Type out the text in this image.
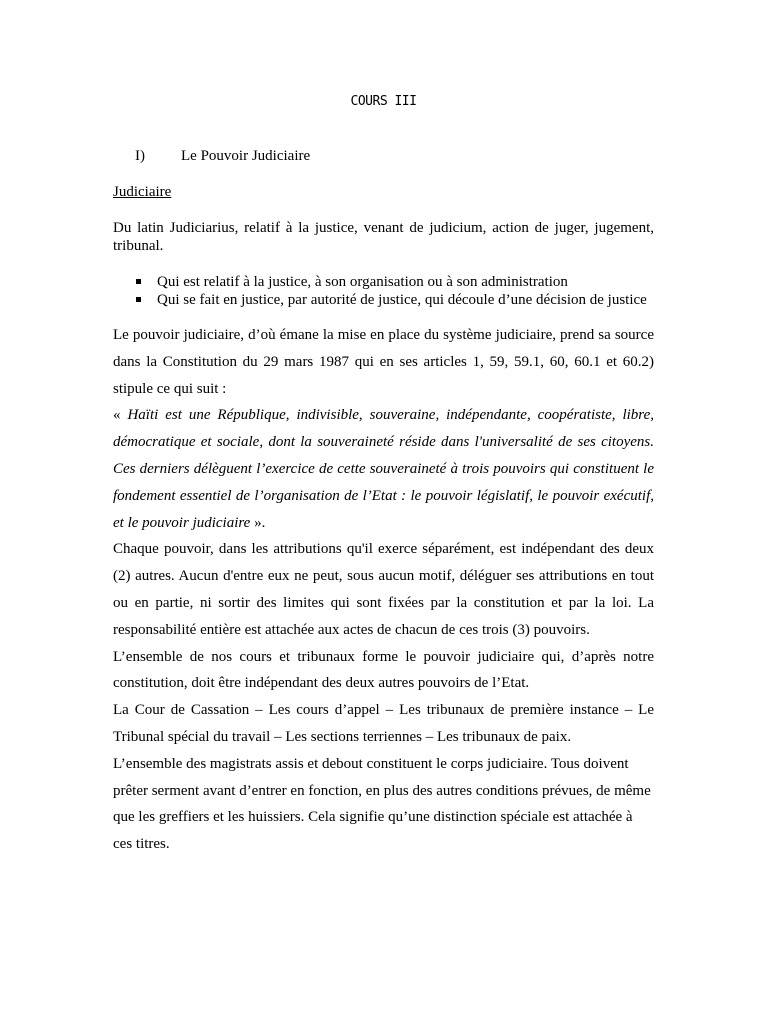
COURS III
I) Le Pouvoir Judiciaire
Judiciaire

Du latin Judiciarius, relatif à la justice, venant de judicium, action de juger, jugement, tribunal.

Qui est relatif à la justice, à son organisation ou à son administration
Qui se fait en justice, par autorité de justice, qui découle d’une décision de justice

Le pouvoir judiciaire, d’où émane la mise en place du système judiciaire, prend sa source dans la Constitution du 29 mars 1987 qui en ses articles 1, 59, 59.1, 60, 60.1 et 60.2) stipule ce qui suit :

« Haïti est une République, indivisible, souveraine, indépendante, coopératiste, libre, démocratique et sociale, dont la souveraineté réside dans l'universalité de ses citoyens. Ces derniers délèguent l’exercice de cette souveraineté à trois pouvoirs qui constituent le fondement essentiel de l’organisation de l’Etat : le pouvoir législatif, le pouvoir exécutif, et le pouvoir judiciaire ».

Chaque pouvoir, dans les attributions qu'il exerce séparément, est indépendant des deux (2) autres. Aucun d'entre eux ne peut, sous aucun motif, déléguer ses attributions en tout ou en partie, ni sortir des limites qui sont fixées par la constitution et par la loi. La responsabilité entière est attachée aux actes de chacun de ces trois (3) pouvoirs.

L’ensemble de nos cours et tribunaux forme le pouvoir judiciaire qui, d’après notre constitution, doit être indépendant des deux autres pouvoirs de l’Etat.

La Cour de Cassation – Les cours d’appel – Les tribunaux de première instance – Le Tribunal spécial du travail – Les sections terriennes – Les tribunaux de paix.

L’ensemble des magistrats assis et debout constituent le corps judiciaire. Tous doivent prêter serment avant d’entrer en fonction, en plus des autres conditions prévues, de même que les greffiers et les huissiers. Cela signifie qu’une distinction spéciale est attachée à ces titres.
